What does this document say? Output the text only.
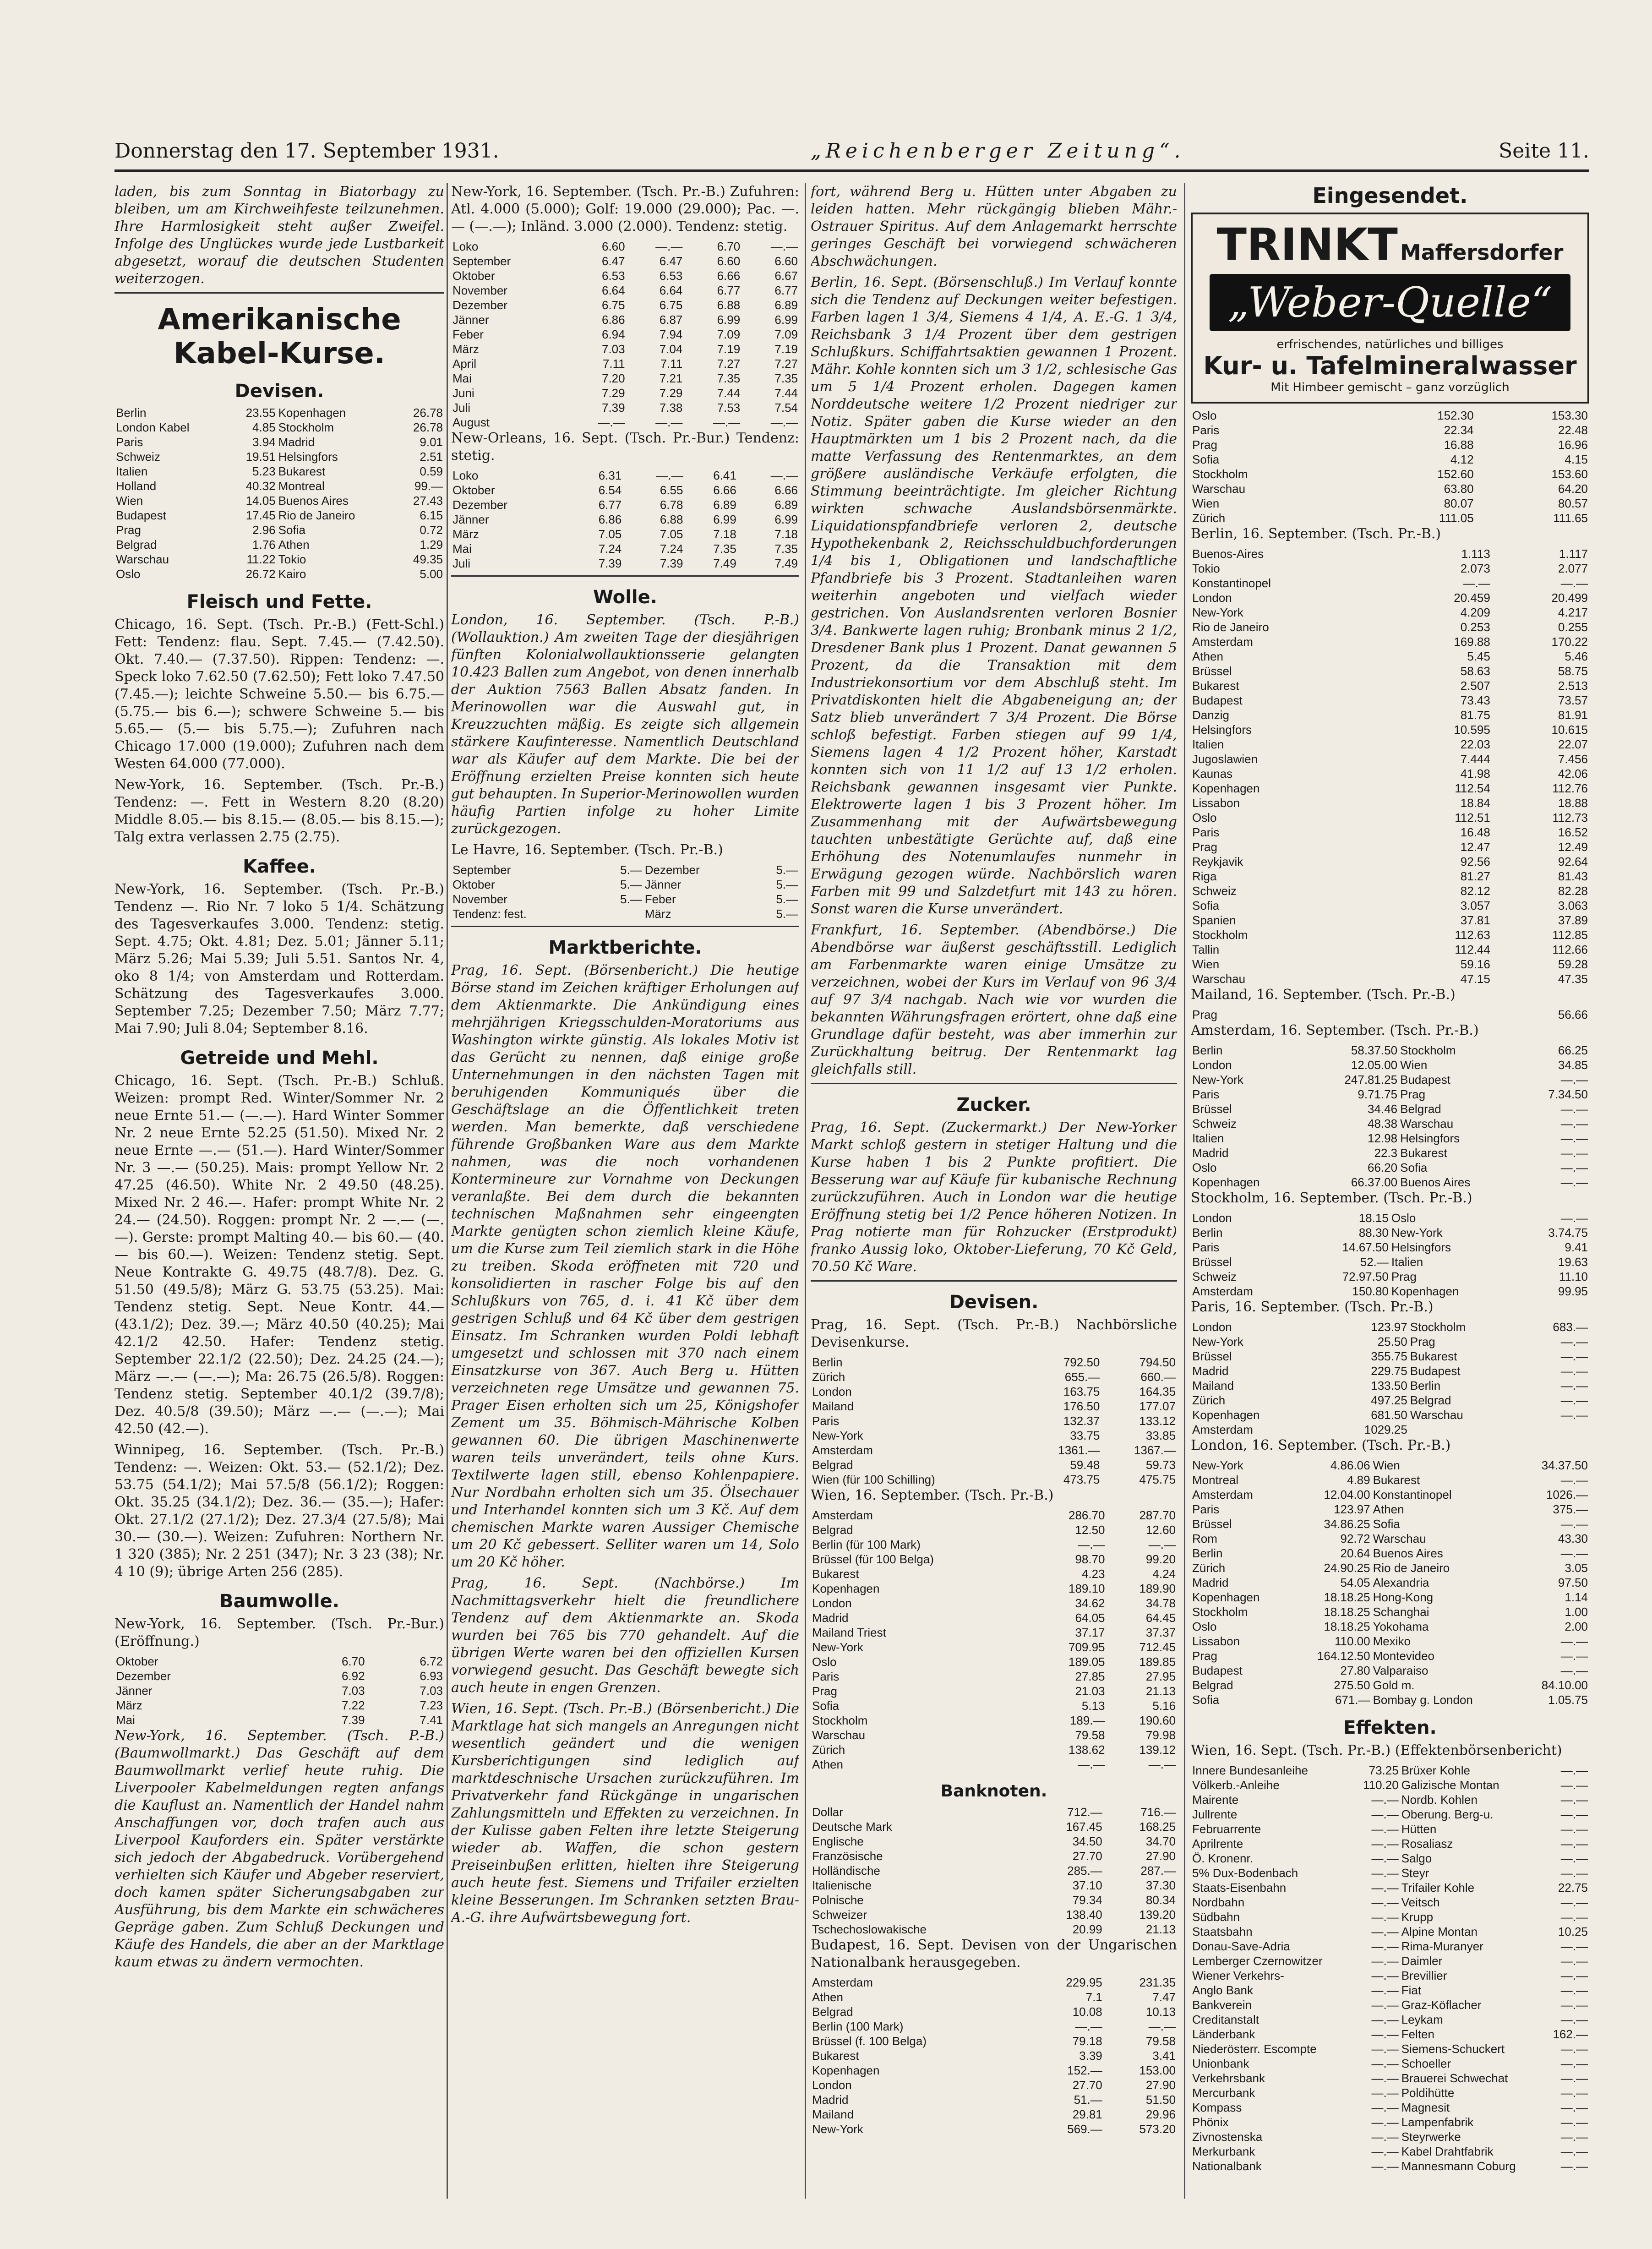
Donnerstag den 17. September 1931.	„Reichenberger Zeitung“.	Seite 11.

laden, bis zum Sonntag in Biatorbagy zu bleiben, um am Kirchweihfeste teilzunehmen. Ihre Harmlosigkeit steht außer Zweifel. Infolge des Unglückes wurde jede Lustbarkeit abgesetzt, worauf die deutschen Studenten weiterzogen.

Amerikanische Kabel-Kurse.
Devisen.
Berlin	23.55	Kopenhagen	26.78
London Kabel	4.85	Stockholm	26.78
Paris	3.94	Madrid	9.01
Schweiz	19.51	Helsingfors	2.51
Italien	5.23	Bukarest	0.59
Holland	40.32	Montreal	99.—
Wien	14.05	Buenos Aires	27.43
Budapest	17.45	Rio de Janeiro	6.15
Prag	2.96	Sofia	0.72
Belgrad	1.76	Athen	1.29
Warschau	11.22	Tokio	49.35
Oslo	26.72	Kairo	5.00
Fleisch und Fette.

Chicago, 16. Sept. (Tsch. Pr.-B.) (Fett-Schl.) Fett: Tendenz: flau. Sept. 7.45.— (7.42.50). Okt. 7.40.— (7.37.50). Rippen: Tendenz: —. Speck loko 7.62.50 (7.62.50); Fett loko 7.47.50 (7.45.—); leichte Schweine 5.50.— bis 6.75.— (5.75.— bis 6.—); schwere Schweine 5.— bis 5.65.— (5.— bis 5.75.—); Zufuhren nach Chicago 17.000 (19.000); Zufuhren nach dem Westen 64.000 (77.000).

New-York, 16. September. (Tsch. Pr.-B.) Tendenz: —. Fett in Western 8.20 (8.20) Middle 8.05.— bis 8.15.— (8.05.— bis 8.15.—); Talg extra verlassen 2.75 (2.75).

Kaffee.

New-York, 16. September. (Tsch. Pr.-B.) Tendenz —. Rio Nr. 7 loko 5 1/4. Schätzung des Tagesverkaufes 3.000. Tendenz: stetig. Sept. 4.75; Okt. 4.81; Dez. 5.01; Jänner 5.11; März 5.26; Mai 5.39; Juli 5.51. Santos Nr. 4, oko 8 1/4; von Amsterdam und Rotterdam. Schätzung des Tagesverkaufes 3.000. September 7.25; Dezember 7.50; März 7.77; Mai 7.90; Juli 8.04; September 8.16.

Getreide und Mehl.

Chicago, 16. Sept. (Tsch. Pr.-B.) Schluß. Weizen: prompt Red. Winter/Sommer Nr. 2 neue Ernte 51.— (—.—). Hard Winter Sommer Nr. 2 neue Ernte 52.25 (51.50). Mixed Nr. 2 neue Ernte —.— (51.—). Hard Winter/Sommer Nr. 3 —.— (50.25). Mais: prompt Yellow Nr. 2 47.25 (46.50). White Nr. 2 49.50 (48.25). Mixed Nr. 2 46.—. Hafer: prompt White Nr. 2 24.— (24.50). Roggen: prompt Nr. 2 —.— (—.—). Gerste: prompt Malting 40.— bis 60.— (40.— bis 60.—). Weizen: Tendenz stetig. Sept. Neue Kontrakte G. 49.75 (48.7/8). Dez. G. 51.50 (49.5/8); März G. 53.75 (53.25). Mai: Tendenz stetig. Sept. Neue Kontr. 44.— (43.1/2); Dez. 39.—; März 40.50 (40.25); Mai 42.1/2 42.50. Hafer: Tendenz stetig. September 22.1/2 (22.50); Dez. 24.25 (24.—); März —.— (—.—); Ma: 26.75 (26.5/8). Roggen: Tendenz stetig. September 40.1/2 (39.7/8); Dez. 40.5/8 (39.50); März —.— (—.—); Mai 42.50 (42.—).

Winnipeg, 16. September. (Tsch. Pr.-B.) Tendenz: —. Weizen: Okt. 53.— (52.1/2); Dez. 53.75 (54.1/2); Mai 57.5/8 (56.1/2); Roggen: Okt. 35.25 (34.1/2); Dez. 36.— (35.—); Hafer: Okt. 27.1/2 (27.1/2); Dez. 27.3/4 (27.5/8); Mai 30.— (30.—). Weizen: Zufuhren: Northern Nr. 1 320 (385); Nr. 2 251 (347); Nr. 3 23 (38); Nr. 4 10 (9); übrige Arten 256 (285).

Baumwolle.

New-York, 16. September. (Tsch. Pr.-Bur.) (Eröffnung.)

Oktober	6.70	6.72
Dezember	6.92	6.93
Jänner	7.03	7.03
März	7.22	7.23
Mai	7.39	7.41

New-York, 16. September. (Tsch. P.-B.) (Baumwollmarkt.) Das Geschäft auf dem Baumwollmarkt verlief heute ruhig. Die Liverpooler Kabelmeldungen regten anfangs die Kauflust an. Namentlich der Handel nahm Anschaffungen vor, doch trafen auch aus Liverpool Kauforders ein. Später verstärkte sich jedoch der Abgabedruck. Vorübergehend verhielten sich Käufer und Abgeber reserviert, doch kamen später Sicherungsabgaben zur Ausführung, bis dem Markte ein schwächeres Gepräge gaben. Zum Schluß Deckungen und Käufe des Handels, die aber an der Marktlage kaum etwas zu ändern vermochten.

New-York, 16. September. (Tsch. Pr.-B.) Zufuhren: Atl. 4.000 (5.000); Golf: 19.000 (29.000); Pac. —.— (—.—); Inländ. 3.000 (2.000). Tendenz: stetig.

Loko	6.60	—.—	6.70	—.—
September	6.47	6.47	6.60	6.60
Oktober	6.53	6.53	6.66	6.67
November	6.64	6.64	6.77	6.77
Dezember	6.75	6.75	6.88	6.89
Jänner	6.86	6.87	6.99	6.99
Feber	6.94	7.94	7.09	7.09
März	7.03	7.04	7.19	7.19
April	7.11	7.11	7.27	7.27
Mai	7.20	7.21	7.35	7.35
Juni	7.29	7.29	7.44	7.44
Juli	7.39	7.38	7.53	7.54
August	—.—	—.—	—.—	—.—

New-Orleans, 16. Sept. (Tsch. Pr.-Bur.) Tendenz: stetig.

Loko	6.31	—.—	6.41	—.—
Oktober	6.54	6.55	6.66	6.66
Dezember	6.77	6.78	6.89	6.89
Jänner	6.86	6.88	6.99	6.99
März	7.05	7.05	7.18	7.18
Mai	7.24	7.24	7.35	7.35
Juli	7.39	7.39	7.49	7.49
Wolle.

London, 16. September. (Tsch. P.-B.) (Wollauktion.) Am zweiten Tage der diesjährigen fünften Kolonialwollauktionsserie gelangten 10.423 Ballen zum Angebot, von denen innerhalb der Auktion 7563 Ballen Absatz fanden. In Merinowollen war die Auswahl gut, in Kreuzzuchten mäßig. Es zeigte sich allgemein stärkere Kaufinteresse. Namentlich Deutschland war als Käufer auf dem Markte. Die bei der Eröffnung erzielten Preise konnten sich heute gut behaupten. In Superior-Merinowollen wurden häufig Partien infolge zu hoher Limite zurückgezogen.

Le Havre, 16. September. (Tsch. Pr.-B.)

September	5.—	Dezember	5.—
Oktober	5.—	Jänner	5.—
November	5.—	Feber	5.—
Tendenz: fest.		März	5.—
Marktberichte.

Prag, 16. Sept. (Börsenbericht.) Die heutige Börse stand im Zeichen kräftiger Erholungen auf dem Aktienmarkte. Die Ankündigung eines mehrjährigen Kriegsschulden-Moratoriums aus Washington wirkte günstig. Als lokales Motiv ist das Gerücht zu nennen, daß einige große Unternehmungen in den nächsten Tagen mit beruhigenden Kommuniqués über die Geschäftslage an die Öffentlichkeit treten werden. Man bemerkte, daß verschiedene führende Großbanken Ware aus dem Markte nahmen, was die noch vorhandenen Kontermineure zur Vornahme von Deckungen veranlaßte. Bei dem durch die bekannten technischen Maßnahmen sehr eingeengten Markte genügten schon ziemlich kleine Käufe, um die Kurse zum Teil ziemlich stark in die Höhe zu treiben. Skoda eröffneten mit 720 und konsolidierten in rascher Folge bis auf den Schlußkurs von 765, d. i. 41 Kč über dem gestrigen Schluß und 64 Kč über dem gestrigen Einsatz. Im Schranken wurden Poldi lebhaft umgesetzt und schlossen mit 370 nach einem Einsatzkurse von 367. Auch Berg u. Hütten verzeichneten rege Umsätze und gewannen 75. Prager Eisen erholten sich um 25, Königshofer Zement um 35. Böhmisch-Mährische Kolben gewannen 60. Die übrigen Maschinenwerte waren teils unverändert, teils ohne Kurs. Textilwerte lagen still, ebenso Kohlenpapiere. Nur Nordbahn erholten sich um 35. Ölsechauer und Interhandel konnten sich um 3 Kč. Auf dem chemischen Markte waren Aussiger Chemische um 20 Kč gebessert. Selliter waren um 14, Solo um 20 Kč höher.

Prag, 16. Sept. (Nachbörse.) Im Nachmittagsverkehr hielt die freundlichere Tendenz auf dem Aktienmarkte an. Skoda wurden bei 765 bis 770 gehandelt. Auf die übrigen Werte waren bei den offiziellen Kursen vorwiegend gesucht. Das Geschäft bewegte sich auch heute in engen Grenzen.

Wien, 16. Sept. (Tsch. Pr.-B.) (Börsenbericht.) Die Marktlage hat sich mangels an Anregungen nicht wesentlich geändert und die wenigen Kursberichtigungen sind lediglich auf marktdeschnische Ursachen zurückzuführen. Im Privatverkehr fand Rückgänge in ungarischen Zahlungsmitteln und Effekten zu verzeichnen. In der Kulisse gaben Felten ihre letzte Steigerung wieder ab. Waffen, die schon gestern Preiseinbußen erlitten, hielten ihre Steigerung auch heute fest. Siemens und Trifailer erzielten kleine Besserungen. Im Schranken setzten Brau-A.-G. ihre Aufwärtsbewegung fort.

fort, während Berg u. Hütten unter Abgaben zu leiden hatten. Mehr rückgängig blieben Mähr.-Ostrauer Spiritus. Auf dem Anlagemarkt herrschte geringes Geschäft bei vorwiegend schwächeren Abschwächungen.

Berlin, 16. Sept. (Börsenschluß.) Im Verlauf konnte sich die Tendenz auf Deckungen weiter befestigen. Farben lagen 1 3/4, Siemens 4 1/4, A. E.-G. 1 3/4, Reichsbank 3 1/4 Prozent über dem gestrigen Schlußkurs. Schiffahrtsaktien gewannen 1 Prozent. Mähr. Kohle konnten sich um 3 1/2, schlesische Gas um 5 1/4 Prozent erholen. Dagegen kamen Norddeutsche weitere 1/2 Prozent niedriger zur Notiz. Später gaben die Kurse wieder an den Hauptmärkten um 1 bis 2 Prozent nach, da die matte Verfassung des Rentenmarktes, an dem größere ausländische Verkäufe erfolgten, die Stimmung beeinträchtigte. Im gleicher Richtung wirkten schwache Auslandsbörsenmärkte. Liquidationspfandbriefe verloren 2, deutsche Hypothekenbank 2, Reichsschuldbuchforderungen 1/4 bis 1, Obligationen und landschaftliche Pfandbriefe bis 3 Prozent. Stadtanleihen waren weiterhin angeboten und vielfach wieder gestrichen. Von Auslandsrenten verloren Bosnier 3/4. Bankwerte lagen ruhig; Bronbank minus 2 1/2, Dresdener Bank plus 1 Prozent. Danat gewannen 5 Prozent, da die Transaktion mit dem Industriekonsortium vor dem Abschluß steht. Im Privatdiskonten hielt die Abgabeneigung an; der Satz blieb unverändert 7 3/4 Prozent. Die Börse schloß befestigt. Farben stiegen auf 99 1/4, Siemens lagen 4 1/2 Prozent höher, Karstadt konnten sich von 11 1/2 auf 13 1/2 erholen. Reichsbank gewannen insgesamt vier Punkte. Elektrowerte lagen 1 bis 3 Prozent höher. Im Zusammenhang mit der Aufwärtsbewegung tauchten unbestätigte Gerüchte auf, daß eine Erhöhung des Notenumlaufes nunmehr in Erwägung gezogen würde. Nachbörslich waren Farben mit 99 und Salzdetfurt mit 143 zu hören. Sonst waren die Kurse unverändert.

Frankfurt, 16. September. (Abendbörse.) Die Abendbörse war äußerst geschäftsstill. Lediglich am Farbenmarkte waren einige Umsätze zu verzeichnen, wobei der Kurs im Verlauf von 96 3/4 auf 97 3/4 nachgab. Nach wie vor wurden die bekannten Währungsfragen erörtert, ohne daß eine Grundlage dafür besteht, was aber immerhin zur Zurückhaltung beitrug. Der Rentenmarkt lag gleichfalls still.

Zucker.

Prag, 16. Sept. (Zuckermarkt.) Der New-Yorker Markt schloß gestern in stetiger Haltung und die Kurse haben 1 bis 2 Punkte profitiert. Die Besserung war auf Käufe für kubanische Rechnung zurückzuführen. Auch in London war die heutige Eröffnung stetig bei 1/2 Pence höheren Notizen. In Prag notierte man für Rohzucker (Erstprodukt) franko Aussig loko, Oktober-Lieferung, 70 Kč Geld, 70.50 Kč Ware.

Devisen.

Prag, 16. Sept. (Tsch. Pr.-B.) Nachbörsliche Devisenkurse.

Berlin	792.50	794.50
Zürich	655.—	660.—
London	163.75	164.35
Mailand	176.50	177.07
Paris	132.37	133.12
New-York	33.75	33.85
Amsterdam	1361.—	1367.—
Belgrad	59.48	59.73
Wien (für 100 Schilling)	473.75	475.75

Wien, 16. September. (Tsch. Pr.-B.)

Amsterdam	286.70	287.70
Belgrad	12.50	12.60
Berlin (für 100 Mark)	—.—	—.—
Brüssel (für 100 Belga)	98.70	99.20
Bukarest	4.23	4.24
Kopenhagen	189.10	189.90
London	34.62	34.78
Madrid	64.05	64.45
Mailand Triest	37.17	37.37
New-York	709.95	712.45
Oslo	189.05	189.85
Paris	27.85	27.95
Prag	21.03	21.13
Sofia	5.13	5.16
Stockholm	189.—	190.60
Warschau	79.58	79.98
Zürich	138.62	139.12
Athen	—.—	—.—
Banknoten.
Dollar	712.—	716.—
Deutsche Mark	167.45	168.25
Englische	34.50	34.70
Französische	27.70	27.90
Holländische	285.—	287.—
Italienische	37.10	37.30
Polnische	79.34	80.34
Schweizer	138.40	139.20
Tschechoslowakische	20.99	21.13

Budapest, 16. Sept. Devisen von der Ungarischen Nationalbank herausgegeben.

Amsterdam	229.95	231.35
Athen	7.1	7.47
Belgrad	10.08	10.13
Berlin (100 Mark)	—.—	—.—
Brüssel (f. 100 Belga)	79.18	79.58
Bukarest	3.39	3.41
Kopenhagen	152.—	153.00
London	27.70	27.90
Madrid	51.—	51.50
Mailand	29.81	29.96
New-York	569.—	573.20
Eingesendet.
TRINKT Maffersdorfer
„Weber-Quelle“
erfrischendes, natürliches und billiges
Kur- u. Tafelmineralwasser
Mit Himbeer gemischt – ganz vorzüglich
Oslo	152.30	153.30
Paris	22.34	22.48
Prag	16.88	16.96
Sofia	4.12	4.15
Stockholm	152.60	153.60
Warschau	63.80	64.20
Wien	80.07	80.57
Zürich	111.05	111.65

Berlin, 16. September. (Tsch. Pr.-B.)

Buenos-Aires	1.113	1.117
Tokio	2.073	2.077
Konstantinopel	—.—	—.—
London	20.459	20.499
New-York	4.209	4.217
Rio de Janeiro	0.253	0.255
Amsterdam	169.88	170.22
Athen	5.45	5.46
Brüssel	58.63	58.75
Bukarest	2.507	2.513
Budapest	73.43	73.57
Danzig	81.75	81.91
Helsingfors	10.595	10.615
Italien	22.03	22.07
Jugoslawien	7.444	7.456
Kaunas	41.98	42.06
Kopenhagen	112.54	112.76
Lissabon	18.84	18.88
Oslo	112.51	112.73
Paris	16.48	16.52
Prag	12.47	12.49
Reykjavik	92.56	92.64
Riga	81.27	81.43
Schweiz	82.12	82.28
Sofia	3.057	3.063
Spanien	37.81	37.89
Stockholm	112.63	112.85
Tallin	112.44	112.66
Wien	59.16	59.28
Warschau	47.15	47.35

Mailand, 16. September. (Tsch. Pr.-B.)

Prag	56.66

Amsterdam, 16. September. (Tsch. Pr.-B.)

Berlin	58.37.50	Stockholm	66.25
London	12.05.00	Wien	34.85
New-York	247.81.25	Budapest	—.—
Paris	9.71.75	Prag	7.34.50
Brüssel	34.46	Belgrad	—.—
Schweiz	48.38	Warschau	—.—
Italien	12.98	Helsingfors	—.—
Madrid	22.3	Bukarest	—.—
Oslo	66.20	Sofia	—.—
Kopenhagen	66.37.00	Buenos Aires	—.—

Stockholm, 16. September. (Tsch. Pr.-B.)

London	18.15	Oslo	—.—
Berlin	88.30	New-York	3.74.75
Paris	14.67.50	Helsingfors	9.41
Brüssel	52.—	Italien	19.63
Schweiz	72.97.50	Prag	11.10
Amsterdam	150.80	Kopenhagen	99.95

Paris, 16. September. (Tsch. Pr.-B.)

London	123.97	Stockholm	683.—
New-York	25.50	Prag	—.—
Brüssel	355.75	Bukarest	—.—
Madrid	229.75	Budapest	—.—
Mailand	133.50	Berlin	—.—
Zürich	497.25	Belgrad	—.—
Kopenhagen	681.50	Warschau	—.—
Amsterdam	1029.25		

London, 16. September. (Tsch. Pr.-B.)

New-York	4.86.06	Wien	34.37.50
Montreal	4.89	Bukarest	—.—
Amsterdam	12.04.00	Konstantinopel	1026.—
Paris	123.97	Athen	375.—
Brüssel	34.86.25	Sofia	—.—
Rom	92.72	Warschau	43.30
Berlin	20.64	Buenos Aires	—.—
Zürich	24.90.25	Rio de Janeiro	3.05
Madrid	54.05	Alexandria	97.50
Kopenhagen	18.18.25	Hong-Kong	1.14
Stockholm	18.18.25	Schanghai	1.00
Oslo	18.18.25	Yokohama	2.00
Lissabon	110.00	Mexiko	—.—
Prag	164.12.50	Montevideo	—.—
Budapest	27.80	Valparaiso	—.—
Belgrad	275.50	Gold m.	84.10.00
Sofia	671.—	Bombay g. London	1.05.75
Effekten.

Wien, 16. Sept. (Tsch. Pr.-B.) (Effektenbörsenbericht)

Innere Bundesanleihe	73.25	Brüxer Kohle	—.—
Völkerb.-Anleihe	110.20	Galizische Montan	—.—
Mairente	—.—	Nordb. Kohlen	—.—
Jullrente	—.—	Oberung. Berg-u.	—.—
Februarrente	—.—	Hütten	—.—
Aprilrente	—.—	Rosaliasz	—.—
Ö. Kronenr.	—.—	Salgo	—.—
5% Dux-Bodenbach	—.—	Steyr	—.—
Staats-Eisenbahn	—.—	Trifailer Kohle	22.75
Nordbahn	—.—	Veitsch	—.—
Südbahn	—.—	Krupp	—.—
Staatsbahn	—.—	Alpine Montan	10.25
Donau-Save-Adria	—.—	Rima-Muranyer	—.—
Lemberger Czernowitzer	—.—	Daimler	—.—
Wiener Verkehrs-	—.—	Brevillier	—.—
Anglo Bank	—.—	Fiat	—.—
Bankverein	—.—	Graz-Köflacher	—.—
Creditanstalt	—.—	Leykam	—.—
Länderbank	—.—	Felten	162.—
Niederösterr. Escompte	—.—	Siemens-Schuckert	—.—
Unionbank	—.—	Schoeller	—.—
Verkehrsbank	—.—	Brauerei Schwechat	—.—
Mercurbank	—.—	Poldihütte	—.—
Kompass	—.—	Magnesit	—.—
Phönix	—.—	Lampenfabrik	—.—
Zivnostenska	—.—	Steyrwerke	—.—
Merkurbank	—.—	Kabel Drahtfabrik	—.—
Nationalbank	—.—	Mannesmann Coburg	—.—
